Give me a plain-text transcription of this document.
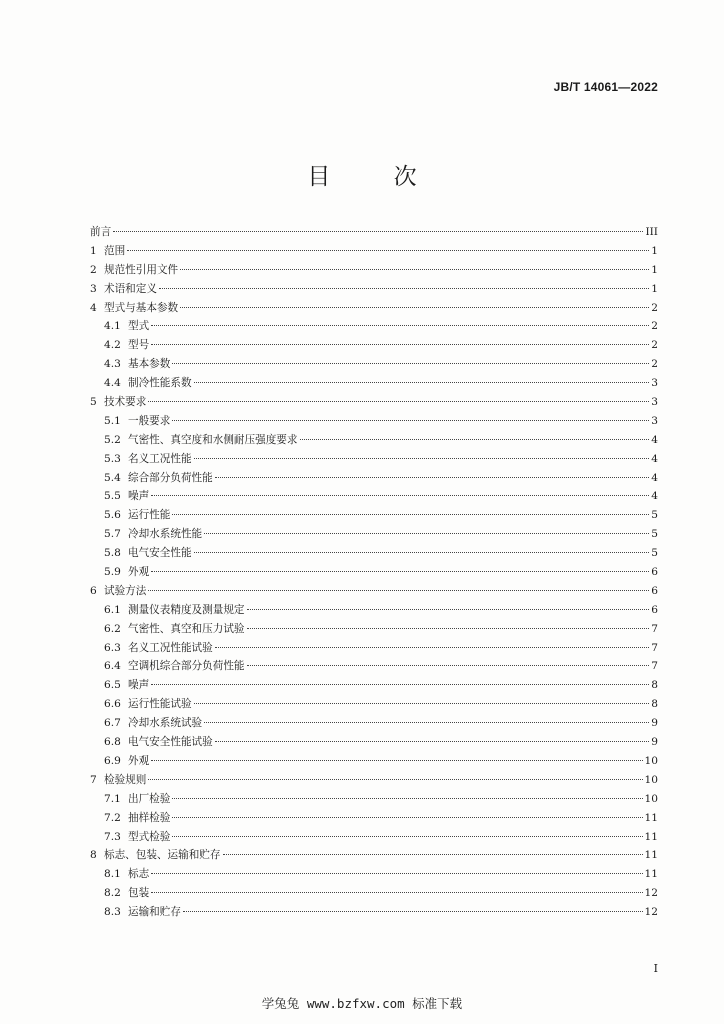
JB/T 14061—2022
目 次
前言	III
1 范围	1
2 规范性引用文件	1
3 术语和定义	1
4 型式与基本参数	2
4.1 型式	2
4.2 型号	2
4.3 基本参数	2
4.4 制冷性能系数	3
5 技术要求	3
5.1 一般要求	3
5.2 气密性、真空度和水侧耐压强度要求	4
5.3 名义工况性能	4
5.4 综合部分负荷性能	4
5.5 噪声	4
5.6 运行性能	5
5.7 冷却水系统性能	5
5.8 电气安全性能	5
5.9 外观	6
6 试验方法	6
6.1 测量仪表精度及测量规定	6
6.2 气密性、真空和压力试验	7
6.3 名义工况性能试验	7
6.4 空调机综合部分负荷性能	7
6.5 噪声	8
6.6 运行性能试验	8
6.7 冷却水系统试验	9
6.8 电气安全性能试验	9
6.9 外观	10
7 检验规则	10
7.1 出厂检验	10
7.2 抽样检验	11
7.3 型式检验	11
8 标志、包装、运输和贮存	11
8.1 标志	11
8.2 包装	12
8.3 运输和贮存	12
I
学兔兔 www.bzfxw.com 标准下载
